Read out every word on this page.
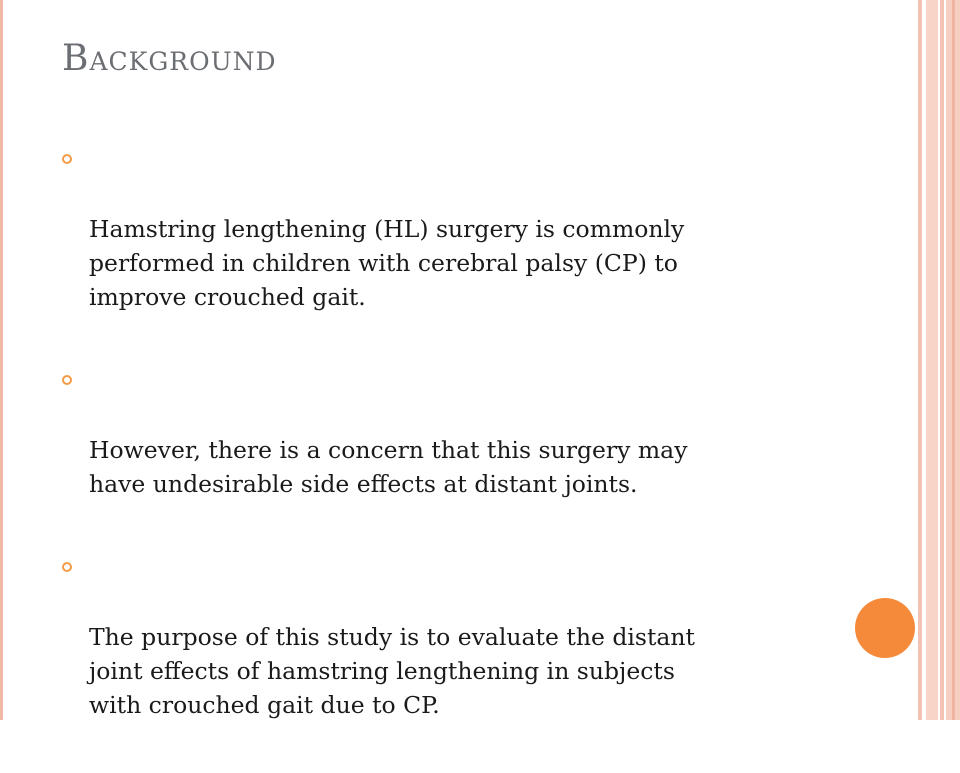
Background

Hamstring lengthening (HL) surgery is commonly
performed in children with cerebral palsy (CP) to
improve crouched gait.

However, there is a concern that this surgery may
have undesirable side effects at distant joints.

The purpose of this study is to evaluate the distant
joint effects of hamstring lengthening in subjects
with crouched gait due to CP.
